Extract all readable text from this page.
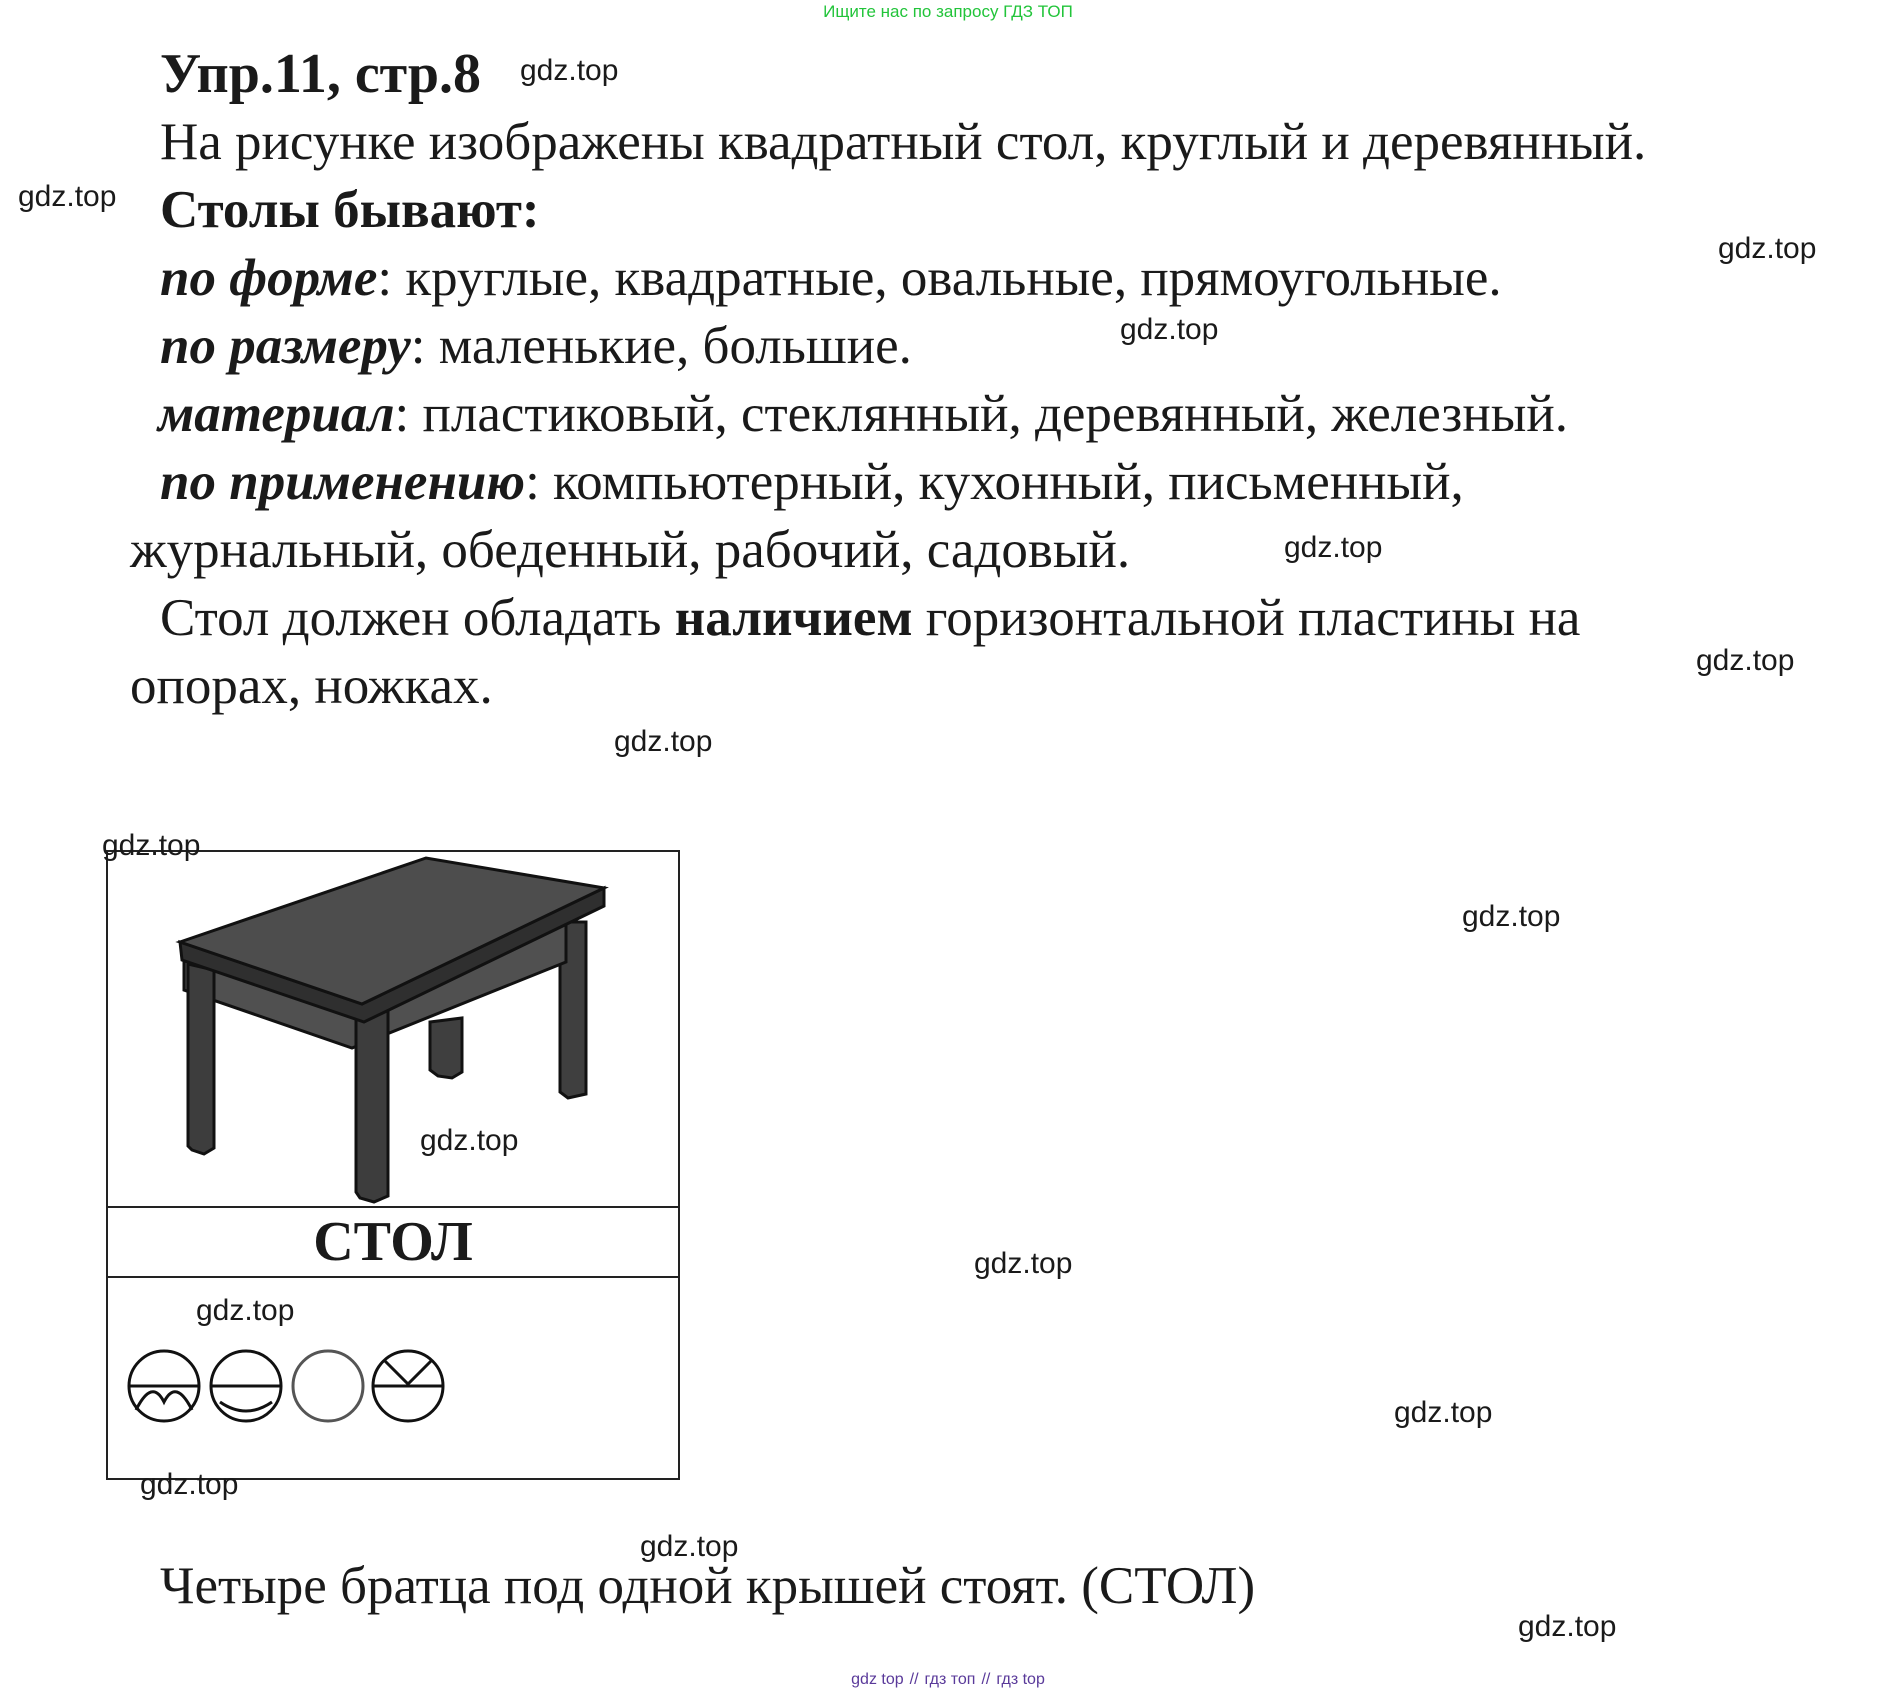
Ищите нас по запросу ГДЗ ТОП
Упр.11, стр.8
На рисунке изображены квадратный стол, круглый и деревянный.
Столы бывают:
по форме: круглые, квадратные, овальные, прямоугольные.
по размеру: маленькие, большие.
материал: пластиковый, стеклянный, деревянный, железный.
по применению: компьютерный, кухонный, письменный,
журнальный, обеденный, рабочий, садовый.
Стол должен обладать наличием горизонтальной пластины на
опорах, ножках.
СТОЛ
Четыре братца под одной крышей стоят. (СТОЛ)
gdz.top
gdz.top
gdz.top
gdz.top
gdz.top
gdz.top
gdz.top
gdz.top
gdz.top
gdz.top
gdz.top
gdz.top
gdz.top
gdz.top
gdz.top
gdz.top
gdz top // гдз топ // гдз top
